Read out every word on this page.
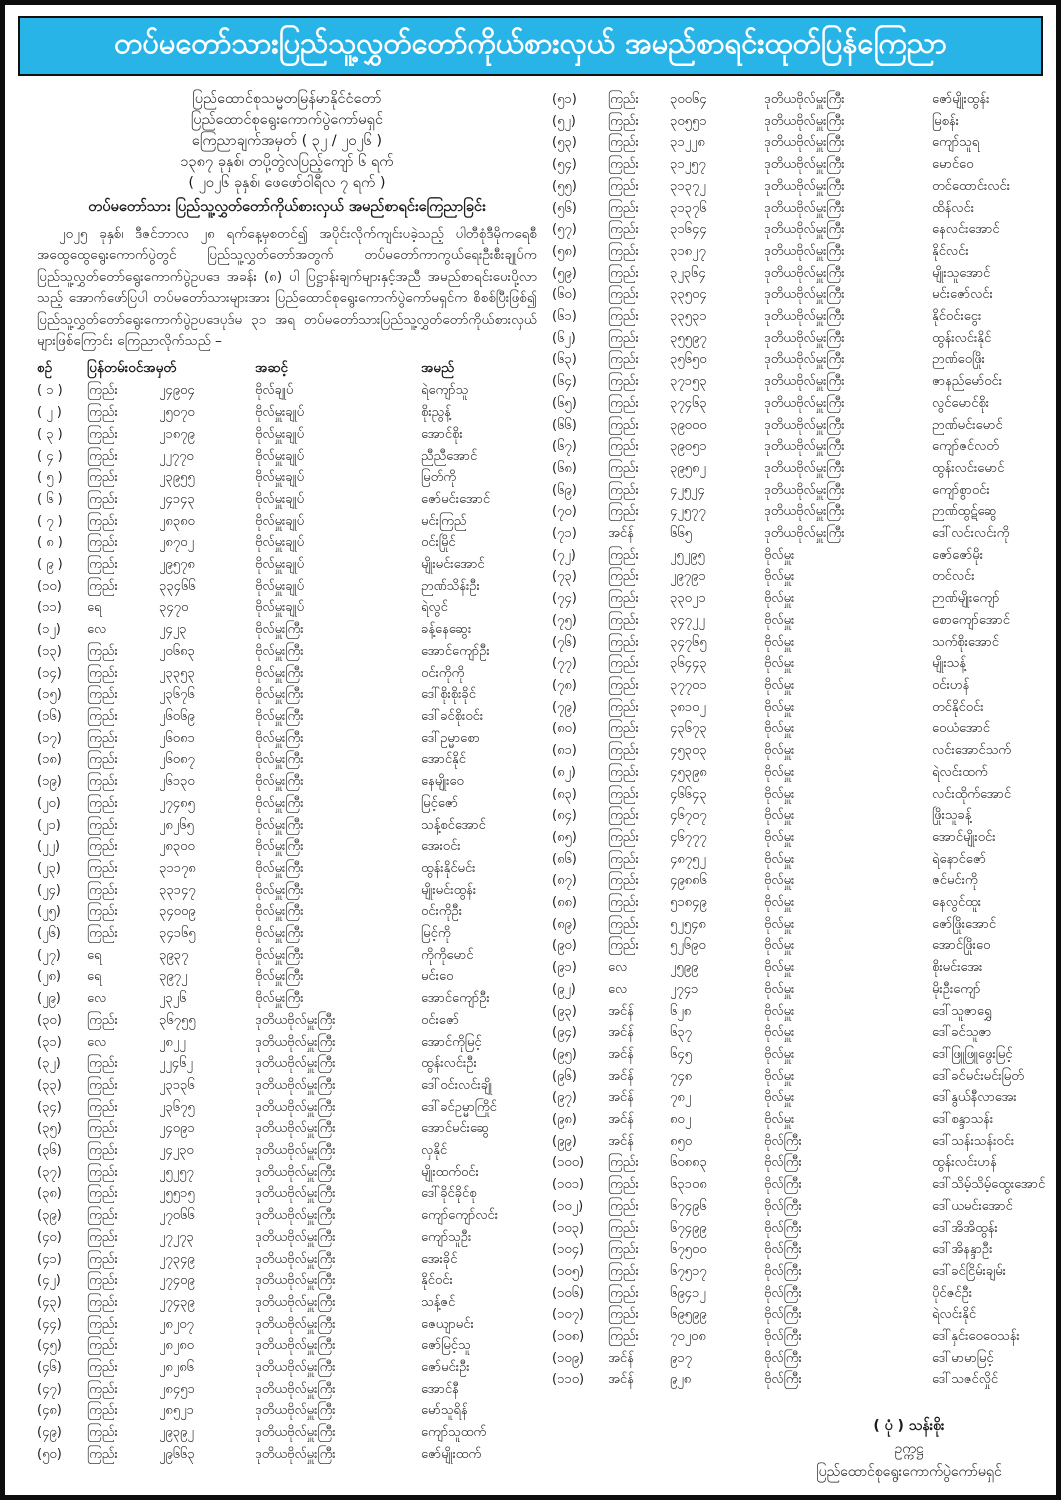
တပ်မတော်သားပြည်သူ့လွှတ်တော်ကိုယ်စားလှယ် အမည်စာရင်းထုတ်ပြန်ကြေညာ
ပြည်ထောင်စုသမ္မတမြန်မာနိုင်ငံတော်
ပြည်ထောင်စုရွေးကောက်ပွဲကော်မရှင်
ကြေညာချက်အမှတ် ( ၃၂ / ၂၀၂၆ )
၁၃၈၇ ခုနှစ်၊ တပို့တွဲလပြည့်ကျော် ၆ ရက်
( ၂၀၂၆ ခုနှစ်၊ ဖေဖော်ဝါရီလ ၇ ရက် )
တပ်မတော်သား ပြည်သူ့လွှတ်တော်ကိုယ်စားလှယ် အမည်စာရင်းကြေညာခြင်း
၂၀၂၅ ခုနှစ်၊ ဒီဇင်ဘာလ ၂၈ ရက်နေ့မှစတင်၍ အပိုင်းလိုက်ကျင်းပခဲ့သည့် ပါတီစုံဒီမိုကရေစီ အထွေထွေရွေးကောက်ပွဲတွင် ပြည်သူ့လွှတ်တော်အတွက် တပ်မတော်ကာကွယ်ရေးဦးစီးချုပ်က ပြည်သူ့လွှတ်တော်ရွေးကောက်ပွဲဥပဒေ အခန်း (၈) ပါ ပြဋ္ဌာန်းချက်များနှင့်အညီ အမည်စာရင်းပေးပို့လာသည့် အောက်ဖော်ပြပါ တပ်မတော်သားများအား ပြည်ထောင်စုရွေးကောက်ပွဲကော်မရှင်က စိစစ်ပြီးဖြစ်၍ ပြည်သူ့လွှတ်တော်ရွေးကောက်ပွဲဥပဒေပုဒ်မ ၃၁ အရ တပ်မတော်သားပြည်သူ့လွှတ်တော်ကိုယ်စားလှယ်များဖြစ်ကြောင်း ကြေညာလိုက်သည် –
စဉ်	ပြန်တမ်းဝင်အမှတ်	အဆင့်	အမည်
( ၁ )	ကြည်း	၂၄၉၀၄	ဗိုလ်ချုပ်	ရဲကျော်သူ
( ၂ )	ကြည်း	၂၅၀၇၀	ဗိုလ်မှူးချုပ်	စိုးညွန့်
( ၃ )	ကြည်း	၂၁၈၇၉	ဗိုလ်မှူးချုပ်	အောင်စိုး
( ၄ )	ကြည်း	၂၂၇၇၀	ဗိုလ်မှူးချုပ်	ညီညီအောင်
( ၅ )	ကြည်း	၂၃၉၅၅	ဗိုလ်မှူးချုပ်	မြတ်ကို
( ၆ )	ကြည်း	၂၄၁၄၃	ဗိုလ်မှူးချုပ်	ဇော်မင်းအောင်
( ၇ )	ကြည်း	၂၈၃၈၀	ဗိုလ်မှူးချုပ်	မင်းကြည်
( ၈ )	ကြည်း	၂၈၇၀၂	ဗိုလ်မှူးချုပ်	ဝင်းမြိုင်
( ၉ )	ကြည်း	၂၉၅၇၈	ဗိုလ်မှူးချုပ်	မျိုးမင်းအောင်
(၁၀)	ကြည်း	၃၃၄၆၆	ဗိုလ်မှူးချုပ်	ဉာဏ်သိန်းဦး
(၁၁)	ရေ	၃၄၇၀	ဗိုလ်မှူးချုပ်	ရဲလွင်
(၁၂)	လေ	၂၄၂၃	ဗိုလ်မှူးကြီး	ခန့်နေဆွေး
(၁၃)	ကြည်း	၂၀၆၈၃	ဗိုလ်မှူးကြီး	အောင်ကျော်ဦး
(၁၄)	ကြည်း	၂၃၃၅၃	ဗိုလ်မှူးကြီး	ဝင်းကိုကို
(၁၅)	ကြည်း	၂၃၆၇၆	ဗိုလ်မှူးကြီး	ဒေါ်စိုးစိုးခိုင်
(၁၆)	ကြည်း	၂၆၀၆၉	ဗိုလ်မှူးကြီး	ဒေါ်ခင်စိုးဝင်း
(၁၇)	ကြည်း	၂၆၀၈၁	ဗိုလ်မှူးကြီး	ဒေါ်ဥမ္မာစော
(၁၈)	ကြည်း	၂၆၀၈၇	ဗိုလ်မှူးကြီး	အောင်နိုင်
(၁၉)	ကြည်း	၂၆၁၃၀	ဗိုလ်မှူးကြီး	နေမျိုးဝေ
(၂၀)	ကြည်း	၂၇၄၈၅	ဗိုလ်မှူးကြီး	မြင့်ဇော်
(၂၁)	ကြည်း	၂၈၂၆၅	ဗိုလ်မှူးကြီး	သန့်စင်အောင်
(၂၂)	ကြည်း	၂၈၃၀၀	ဗိုလ်မှူးကြီး	အေးဝင်း
(၂၃)	ကြည်း	၃၁၁၇၈	ဗိုလ်မှူးကြီး	ထွန်းနိုင်မင်း
(၂၄)	ကြည်း	၃၃၁၄၇	ဗိုလ်မှူးကြီး	မျိုးမင်းထွန်း
(၂၅)	ကြည်း	၃၄၀၀၉	ဗိုလ်မှူးကြီး	ဝင်းကိုဦး
(၂၆)	ကြည်း	၃၄၁၆၅	ဗိုလ်မှူးကြီး	မြင့်ကို
(၂၇)	ရေ	၃၉၃၇	ဗိုလ်မှူးကြီး	ကိုကိုမောင်
(၂၈)	ရေ	၃၉၇၂	ဗိုလ်မှူးကြီး	မင်းဝေ
(၂၉)	လေ	၂၃၂၆	ဗိုလ်မှူးကြီး	အောင်ကျော်ဦး
(၃၀)	ကြည်း	၃၆၇၅၅	ဒုတိယဗိုလ်မှူးကြီး	ဝင်းဇော်
(၃၁)	လေ	၂၈၂၂	ဒုတိယဗိုလ်မှူးကြီး	အောင်ကိုမြင့်
(၃၂)	ကြည်း	၂၂၄၆၂	ဒုတိယဗိုလ်မှူးကြီး	ထွန်းလင်းဦး
(၃၃)	ကြည်း	၂၃၁၃၆	ဒုတိယဗိုလ်မှူးကြီး	ဒေါ်ဝင်းလင်းချို
(၃၄)	ကြည်း	၂၃၆၇၅	ဒုတိယဗိုလ်မှူးကြီး	ဒေါ်ခင်ဥမ္မာကြိုင်
(၃၅)	ကြည်း	၂၄၀၉၁	ဒုတိယဗိုလ်မှူးကြီး	အောင်မင်းဆွေ
(၃၆)	ကြည်း	၂၄၂၃၀	ဒုတိယဗိုလ်မှူးကြီး	လှနိုင်
(၃၇)	ကြည်း	၂၅၂၅၇	ဒုတိယဗိုလ်မှူးကြီး	မျိုးထက်ဝင်း
(၃၈)	ကြည်း	၂၅၅၁၅	ဒုတိယဗိုလ်မှူးကြီး	ဒေါ်ခိုင်ခိုင်စု
(၃၉)	ကြည်း	၂၇၀၆၆	ဒုတိယဗိုလ်မှူးကြီး	ကျော်ကျော်လင်း
(၄၀)	ကြည်း	၂၇၂၇၃	ဒုတိယဗိုလ်မှူးကြီး	ကျော်သူဦး
(၄၁)	ကြည်း	၂၇၃၄၉	ဒုတိယဗိုလ်မှူးကြီး	အေးခိုင်
(၄၂)	ကြည်း	၂၇၄၀၉	ဒုတိယဗိုလ်မှူးကြီး	နိုင်ဝင်း
(၄၃)	ကြည်း	၂၇၄၃၉	ဒုတိယဗိုလ်မှူးကြီး	သန့်ဇင်
(၄၄)	ကြည်း	၂၈၂၀၇	ဒုတိယဗိုလ်မှူးကြီး	ဇေယျာမင်း
(၄၅)	ကြည်း	၂၈၂၈၀	ဒုတိယဗိုလ်မှူးကြီး	ဇော်မြင့်သူ
(၄၆)	ကြည်း	၂၈၂၈၆	ဒုတိယဗိုလ်မှူးကြီး	ဇော်မင်းဦး
(၄၇)	ကြည်း	၂၈၄၅၁	ဒုတိယဗိုလ်မှူးကြီး	အောင်နီ
(၄၈)	ကြည်း	၂၈၅၂၁	ဒုတိယဗိုလ်မှူးကြီး	မော်သူရိန်
(၄၉)	ကြည်း	၂၉၃၉၂	ဒုတိယဗိုလ်မှူးကြီး	ကျော်သူထက်
(၅၀)	ကြည်း	၂၉၆၆၃	ဒုတိယဗိုလ်မှူးကြီး	ဇော်မျိုးထက်
(၅၁)	ကြည်း	၃၀၀၆၄	ဒုတိယဗိုလ်မှူးကြီး	ဇော်မျိုးထွန်း
(၅၂)	ကြည်း	၃၀၅၅၁	ဒုတိယဗိုလ်မှူးကြီး	မြစန်း
(၅၃)	ကြည်း	၃၁၂၂၈	ဒုတိယဗိုလ်မှူးကြီး	ကျော်သူရ
(၅၄)	ကြည်း	၃၁၂၅၇	ဒုတိယဗိုလ်မှူးကြီး	မောင်ဝေ
(၅၅)	ကြည်း	၃၁၃၇၂	ဒုတိယဗိုလ်မှူးကြီး	တင်ထောင်းလင်း
(၅၆)	ကြည်း	၃၁၃၇၆	ဒုတိယဗိုလ်မှူးကြီး	ထိန်လင်း
(၅၇)	ကြည်း	၃၁၆၄၄	ဒုတိယဗိုလ်မှူးကြီး	နေလင်းအောင်
(၅၈)	ကြည်း	၃၁၈၂၇	ဒုတိယဗိုလ်မှူးကြီး	နိုင်လင်း
(၅၉)	ကြည်း	၃၂၃၆၄	ဒုတိယဗိုလ်မှူးကြီး	မျိုးသူအောင်
(၆၀)	ကြည်း	၃၃၅၀၄	ဒုတိယဗိုလ်မှူးကြီး	မင်းဇော်လင်း
(၆၁)	ကြည်း	၃၃၅၃၁	ဒုတိယဗိုလ်မှူးကြီး	နိုင်ဝင်းငွေး
(၆၂)	ကြည်း	၃၅၅၉၇	ဒုတိယဗိုလ်မှူးကြီး	ထွန်းလင်းနိုင်
(၆၃)	ကြည်း	၃၅၆၅၀	ဒုတိယဗိုလ်မှူးကြီး	ဉာဏ်ဝေဖြိုး
(၆၄)	ကြည်း	၃၇၁၅၃	ဒုတိယဗိုလ်မှူးကြီး	ဇာနည်မော်ဝင်း
(၆၅)	ကြည်း	၃၇၄၆၃	ဒုတိယဗိုလ်မှူးကြီး	လွင်မောင်စိုး
(၆၆)	ကြည်း	၃၉၀၀၀	ဒုတိယဗိုလ်မှူးကြီး	ဉာဏ်မင်းမောင်
(၆၇)	ကြည်း	၃၉၀၅၁	ဒုတိယဗိုလ်မှူးကြီး	ကျော်ဇင်လတ်
(၆၈)	ကြည်း	၃၉၅၈၂	ဒုတိယဗိုလ်မှူးကြီး	ထွန်းလင်းမောင်
(၆၉)	ကြည်း	၄၂၅၂၄	ဒုတိယဗိုလ်မှူးကြီး	ကျော်စွာဝင်း
(၇၀)	ကြည်း	၄၂၅၇၇	ဒုတိယဗိုလ်မှူးကြီး	ဉာဏ်ထွဋ်ဆွေ
(၇၁)	အင်န်	၆၆၅	ဒုတိယဗိုလ်မှူးကြီး	ဒေါ်လင်းလင်းကို
(၇၂)	ကြည်း	၂၅၂၉၅	ဗိုလ်မှူး	ဇော်ဇော်မိုး
(၇၃)	ကြည်း	၂၉၇၉၁	ဗိုလ်မှူး	တင်လင်း
(၇၄)	ကြည်း	၃၃၀၂၁	ဗိုလ်မှူး	ဉာဏ်မျိုးကျော်
(၇၅)	ကြည်း	၃၄၇၂၂	ဗိုလ်မှူး	စောကျော်အောင်
(၇၆)	ကြည်း	၃၄၇၆၅	ဗိုလ်မှူး	သက်စိုးအောင်
(၇၇)	ကြည်း	၃၆၄၄၃	ဗိုလ်မှူး	မျိုးသန့်
(၇၈)	ကြည်း	၃၇၇၀၁	ဗိုလ်မှူး	ဝင်းဟန်
(၇၉)	ကြည်း	၃၈၁၀၂	ဗိုလ်မှူး	တင်နိုင်ဝင်း
(၈၀)	ကြည်း	၄၃၆၇၃	ဗိုလ်မှူး	ဝေယံအောင်
(၈၁)	ကြည်း	၄၅၃၀၃	ဗိုလ်မှူး	လင်းအောင်သက်
(၈၂)	ကြည်း	၄၅၃၉၈	ဗိုလ်မှူး	ရဲလင်းထက်
(၈၃)	ကြည်း	၄၆၆၄၃	ဗိုလ်မှူး	လင်းထိုက်အောင်
(၈၄)	ကြည်း	၄၆၇၀၇	ဗိုလ်မှူး	ဖြိုးသူခန့်
(၈၅)	ကြည်း	၄၆၇၇၇	ဗိုလ်မှူး	အောင်မျိုးဝင်း
(၈၆)	ကြည်း	၄၈၇၅၂	ဗိုလ်မှူး	ရဲနောင်ဇော်
(၈၇)	ကြည်း	၄၉၈၈၆	ဗိုလ်မှူး	ဇင်မင်းကို
(၈၈)	ကြည်း	၅၁၈၄၉	ဗိုလ်မှူး	နေလွင်ထူး
(၈၉)	ကြည်း	၅၂၅၄၈	ဗိုလ်မှူး	ဇော်ဖြိုးအောင်
(၉၀)	ကြည်း	၅၂၆၉၀	ဗိုလ်မှူး	အောင်ဖြိုးဝေ
(၉၁)	လေ	၂၅၉၉	ဗိုလ်မှူး	စိုးမင်းအေး
(၉၂)	လေ	၂၇၄၁	ဗိုလ်မှူး	မိုးဦးကျော်
(၉၃)	အင်န်	၆၂၈	ဗိုလ်မှူး	ဒေါ်သူဇာရွှေ
(၉၄)	အင်န်	၆၃၇	ဗိုလ်မှူး	ဒေါ်ခင်သူဇာ
(၉၅)	အင်န်	၆၄၅	ဗိုလ်မှူး	ဒေါ်ဖြူဖြူဖွေးမြင့်
(၉၆)	အင်န်	၇၄၈	ဗိုလ်မှူး	ဒေါ်ခင်မင်းမင်းမြတ်
(၉၇)	အင်န်	၇၈၂	ဗိုလ်မှူး	ဒေါ်နွယ်နီလာအေး
(၉၈)	အင်န်	၈၀၂	ဗိုလ်မှူး	ဒေါ်စန္ဒာသန်း
(၉၉)	အင်န်	၈၅၀	ဗိုလ်ကြီး	ဒေါ်သန်းသန်းဝင်း
(၁၀၀)	ကြည်း	၆၀၈၈၃	ဗိုလ်ကြီး	ထွန်းလင်းဟန်
(၁၀၁)	ကြည်း	၆၃၁၀၈	ဗိုလ်ကြီး	ဒေါ်သိမ့်သိမ့်ထွေးအောင်
(၁၀၂)	ကြည်း	၆၇၄၉၆	ဗိုလ်ကြီး	ဒေါ်ယမင်းအောင်
(၁၀၃)	ကြည်း	၆၇၄၉၉	ဗိုလ်ကြီး	ဒေါ်အိအိထွန်း
(၁၀၄)	ကြည်း	၆၇၅၀၀	ဗိုလ်ကြီး	ဒေါ်အိနန္ဒာဦး
(၁၀၅)	ကြည်း	၆၇၅၁၇	ဗိုလ်ကြီး	ဒေါ်ခင်ငြိမ်းချမ်း
(၁၀၆)	ကြည်း	၆၉၄၁၂	ဗိုလ်ကြီး	ပိုင်ဇင်ဦး
(၁၀၇)	ကြည်း	၆၉၅၉၉	ဗိုလ်ကြီး	ရဲလင်းနိုင်
(၁၀၈)	ကြည်း	၇၀၂၀၈	ဗိုလ်ကြီး	ဒေါ်နှင်းဝေဝေသန်း
(၁၀၉)	အင်န်	၉၁၇	ဗိုလ်ကြီး	ဒေါ်မာမာမြင့်
(၁၁၀)	အင်န်	၉၂၈	ဗိုလ်ကြီး	ဒေါ်သဇင်လှိုင်
( ပုံ ) သန်းစိုး
ဥက္ကဋ္ဌ
ပြည်ထောင်စုရွေးကောက်ပွဲကော်မရှင်
